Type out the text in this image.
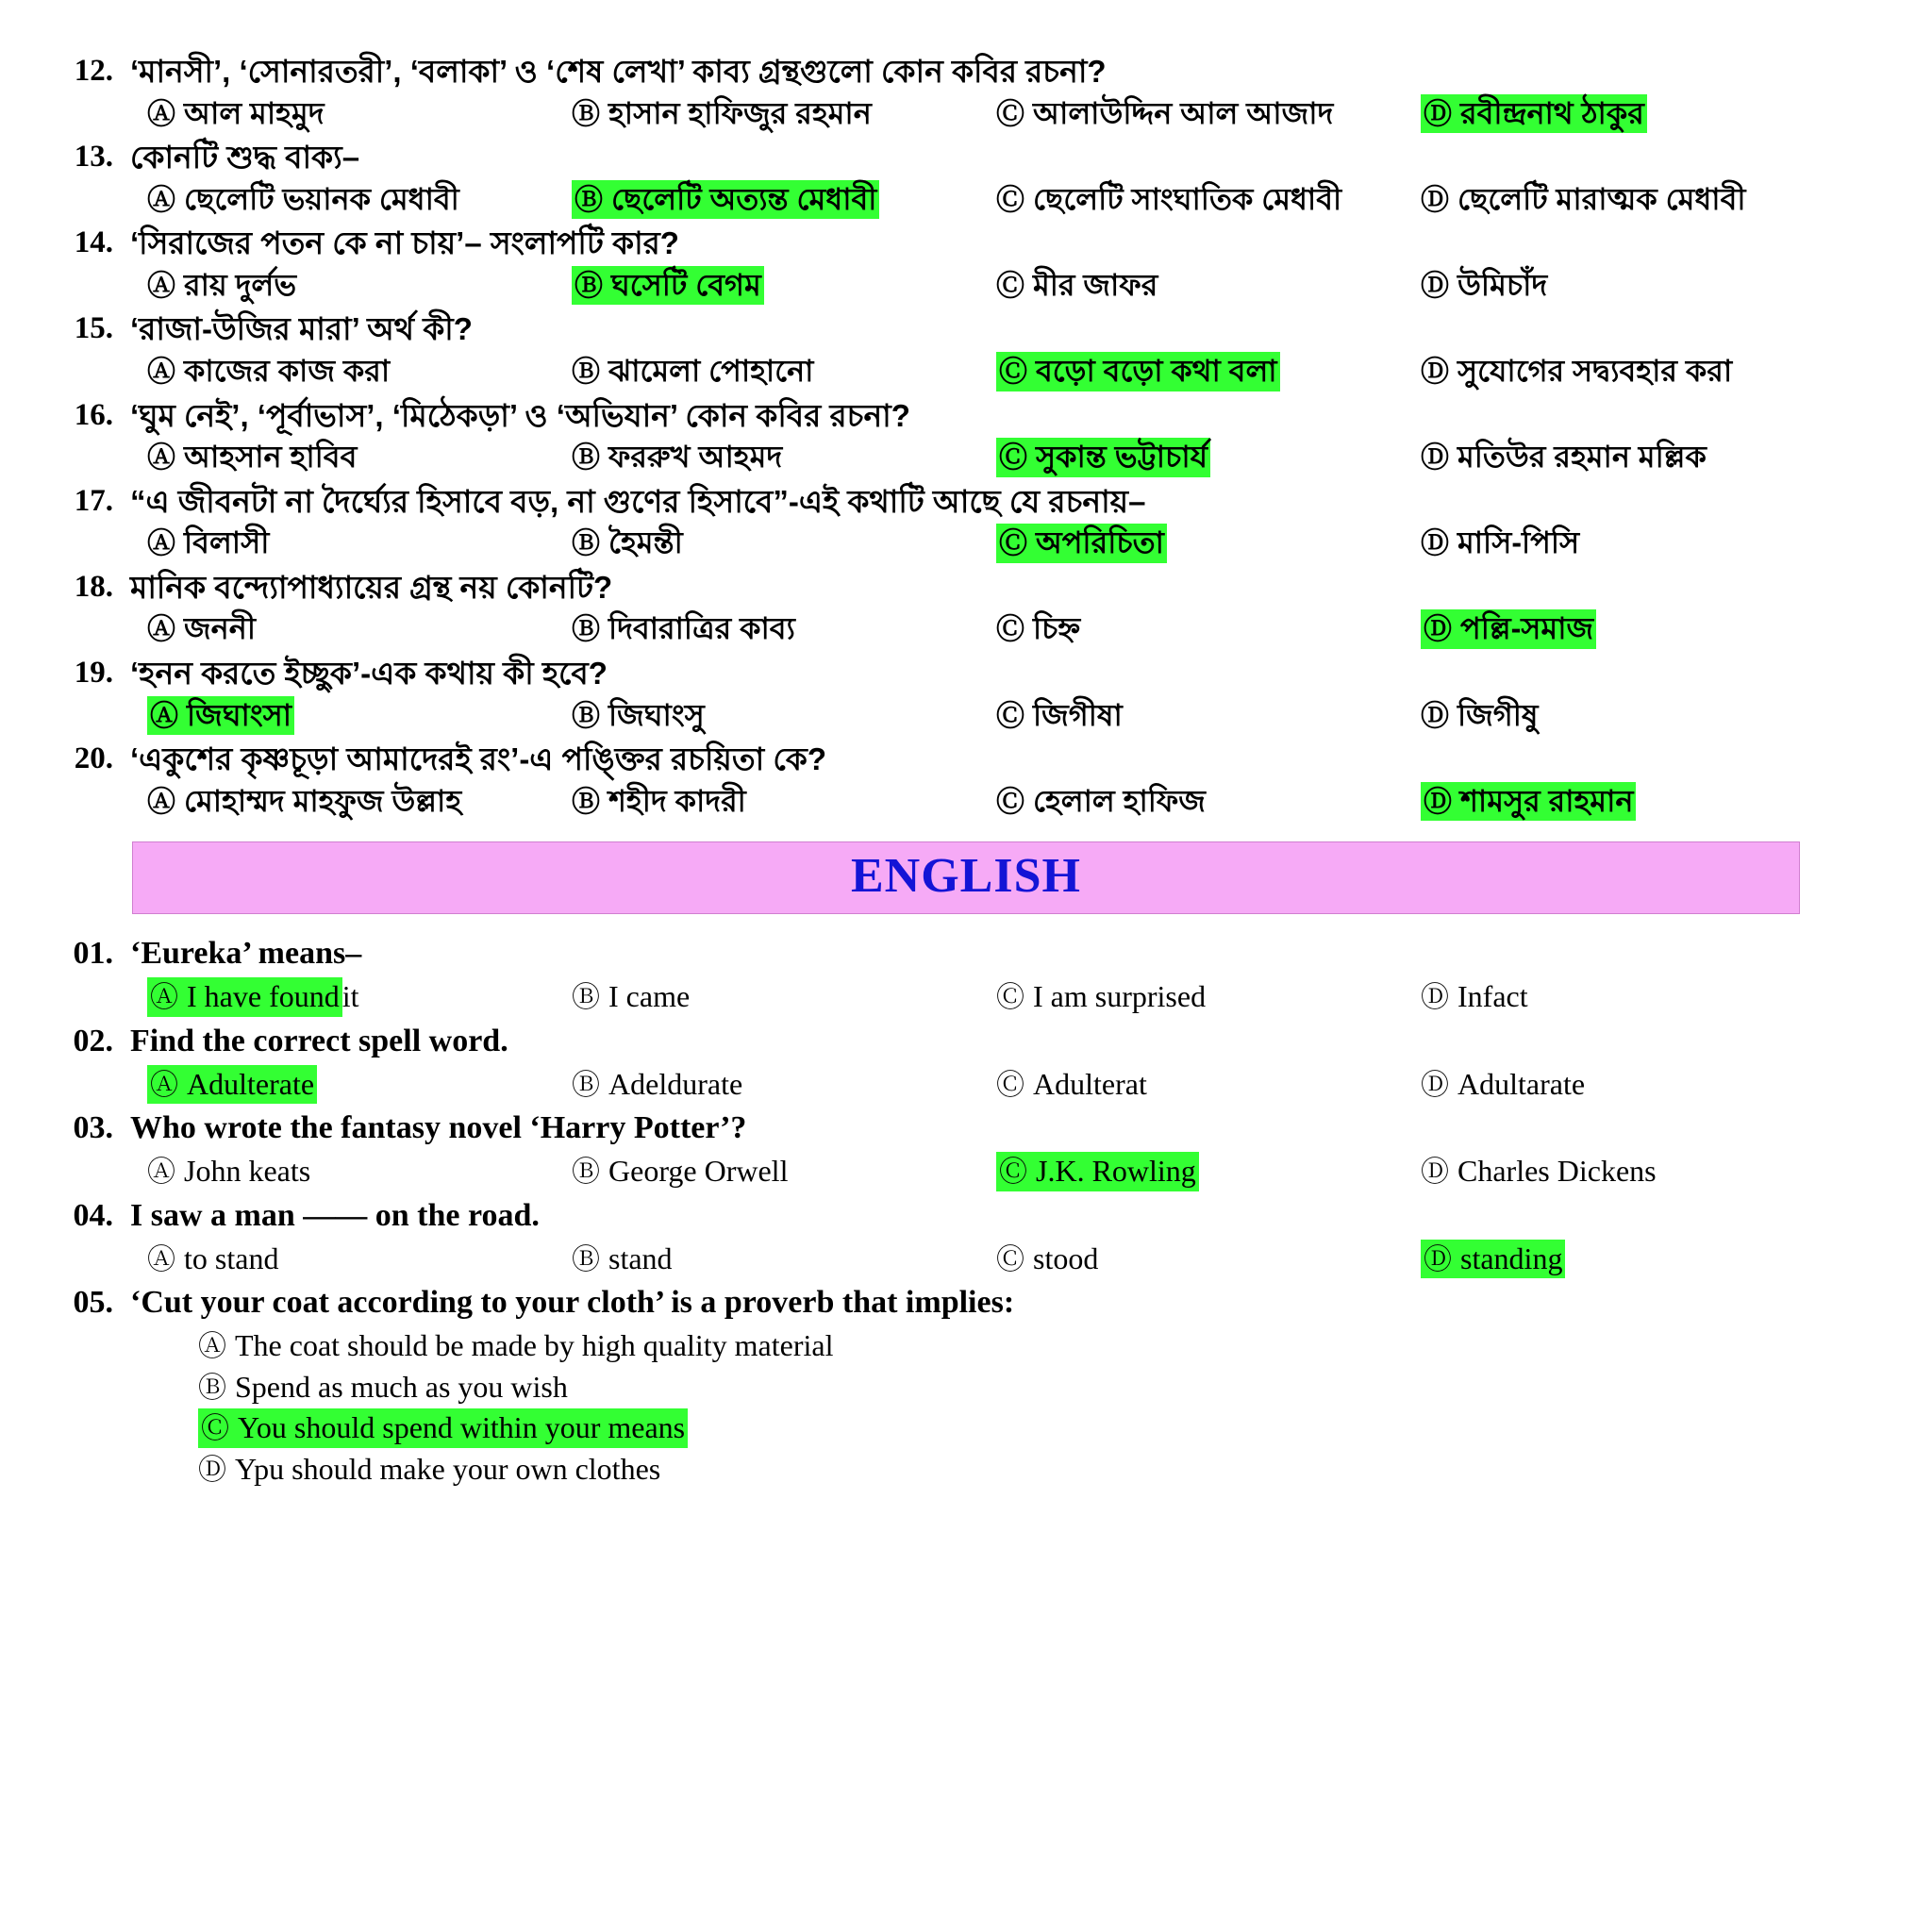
12. ‘মানসী’, ‘সোনারতরী’, ‘বলাকা’ ও ‘শেষ লেখা’ কাব্য গ্রন্থগুলো কোন কবির রচনা?
Ⓐ আল মাহমুদ	Ⓑ হাসান হাফিজুর রহমান	Ⓒ আলাউদ্দিন আল আজাদ	Ⓓ রবীন্দ্রনাথ ঠাকুর
13. কোনটি শুদ্ধ বাক্য–
Ⓐ ছেলেটি ভয়ানক মেধাবী	Ⓑ ছেলেটি অত্যন্ত মেধাবী	Ⓒ ছেলেটি সাংঘাতিক মেধাবী	Ⓓ ছেলেটি মারাত্মক মেধাবী
14. ‘সিরাজের পতন কে না চায়’– সংলাপটি কার?
Ⓐ রায় দুর্লভ	Ⓑ ঘসেটি বেগম	Ⓒ মীর জাফর	Ⓓ উমিচাঁদ
15. ‘রাজা-উজির মারা’ অর্থ কী?
Ⓐ কাজের কাজ করা	Ⓑ ঝামেলা পোহানো	Ⓒ বড়ো বড়ো কথা বলা	Ⓓ সুযোগের সদ্ব্যবহার করা
16. ‘ঘুম নেই’, ‘পূর্বাভাস’, ‘মিঠেকড়া’ ও ‘অভিযান’ কোন কবির রচনা?
Ⓐ আহসান হাবিব	Ⓑ ফররুখ আহমদ	Ⓒ সুকান্ত ভট্টাচার্য	Ⓓ মতিউর রহমান মল্লিক
17. “এ জীবনটা না দৈর্ঘ্যের হিসাবে বড়, না গুণের হিসাবে”-এই কথাটি আছে যে রচনায়–
Ⓐ বিলাসী	Ⓑ হৈমন্তী	Ⓒ অপরিচিতা	Ⓓ মাসি-পিসি
18. মানিক বন্দ্যোপাধ্যায়ের গ্রন্থ নয় কোনটি?
Ⓐ জননী	Ⓑ দিবারাত্রির কাব্য	Ⓒ চিহ্ন	Ⓓ পল্লি-সমাজ
19. ‘হনন করতে ইচ্ছুক’-এক কথায় কী হবে?
Ⓐ জিঘাংসা	Ⓑ জিঘাংসু	Ⓒ জিগীষা	Ⓓ জিগীষু
20. ‘একুশের কৃষ্ণচূড়া আমাদেরই রং’-এ পঙ্ক্তির রচয়িতা কে?
Ⓐ মোহাম্মদ মাহফুজ উল্লাহ	Ⓑ শহীদ কাদরী	Ⓒ হেলাল হাফিজ	Ⓓ শামসুর রাহমান
ENGLISH
01. ‘Eureka’ means–
Ⓐ I have found it	Ⓑ I came	Ⓒ I am surprised	Ⓓ Infact
02. Find the correct spell word.
Ⓐ Adulterate	Ⓑ Adeldurate	Ⓒ Adulterat	Ⓓ Adultarate
03. Who wrote the fantasy novel ‘Harry Potter’?
Ⓐ John keats	Ⓑ George Orwell	Ⓒ J.K. Rowling	Ⓓ Charles Dickens
04. I saw a man —— on the road.
Ⓐ to stand	Ⓑ stand	Ⓒ stood	Ⓓ standing
05. ‘Cut your coat according to your cloth’ is a proverb that implies:
Ⓐ The coat should be made by high quality material
Ⓑ Spend as much as you wish
Ⓒ You should spend within your means
Ⓓ Ypu should make your own clothes
